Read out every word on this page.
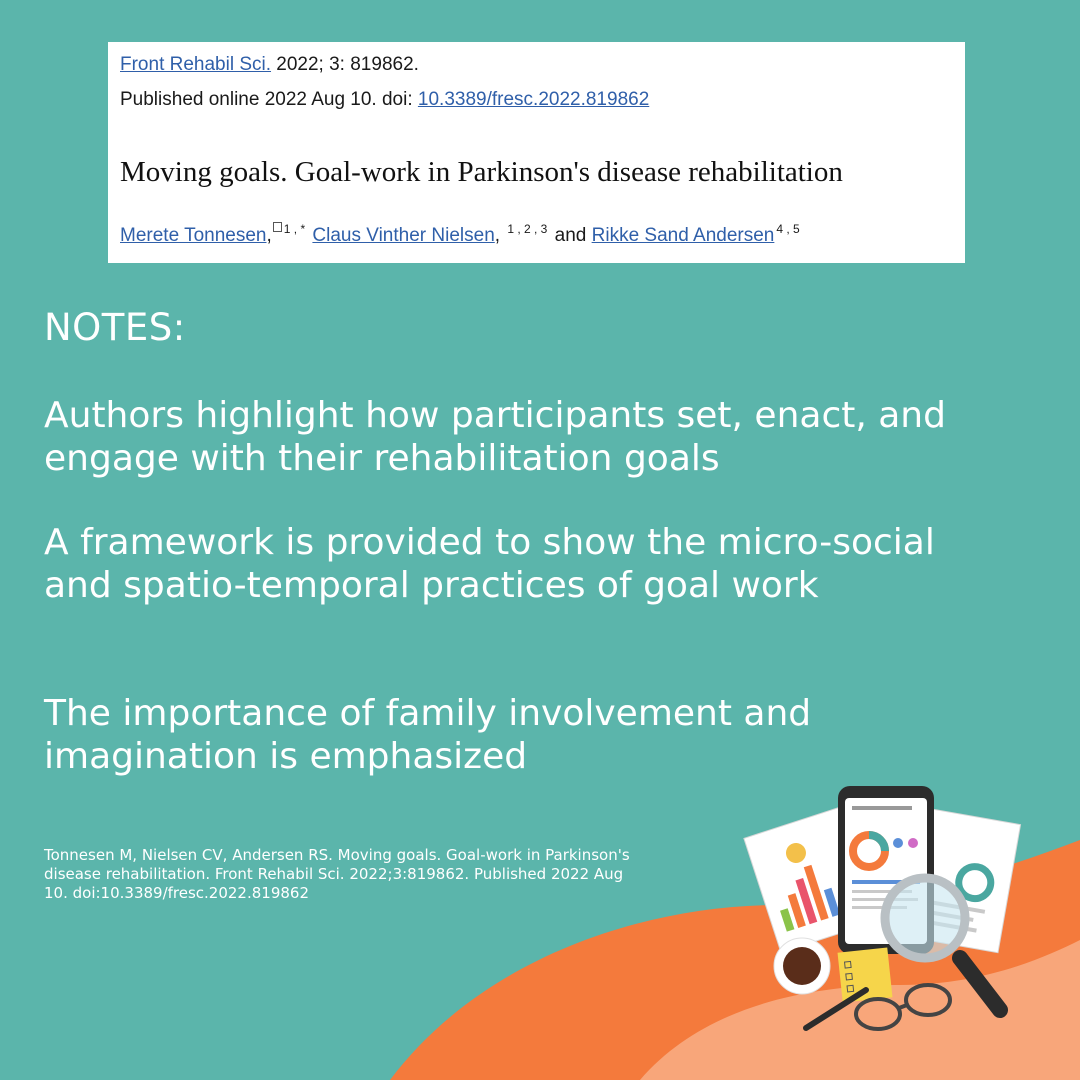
Front Rehabil Sci. 2022; 3: 819862.
Published online 2022 Aug 10. doi: 10.3389/fresc.2022.819862
Moving goals. Goal-work in Parkinson's disease rehabilitation
Merete Tonnesen, $^{1 , *}$ Claus Vinther Nielsen, $^{1 , 2 , 3}$ and Rikke Sand Andersen $^{4 , 5}$
NOTES:
Authors highlight how participants set, enact, and engage with their rehabilitation goals
A framework is provided to show the micro-social and spatio-temporal practices of goal work
The importance of family involvement and imagination is emphasized
Tonnesen M, Nielsen CV, Andersen RS. Moving goals. Goal-work in Parkinson's disease rehabilitation. Front Rehabil Sci. 2022;3:819862. Published 2022 Aug 10. doi:10.3389/fresc.2022.819862
